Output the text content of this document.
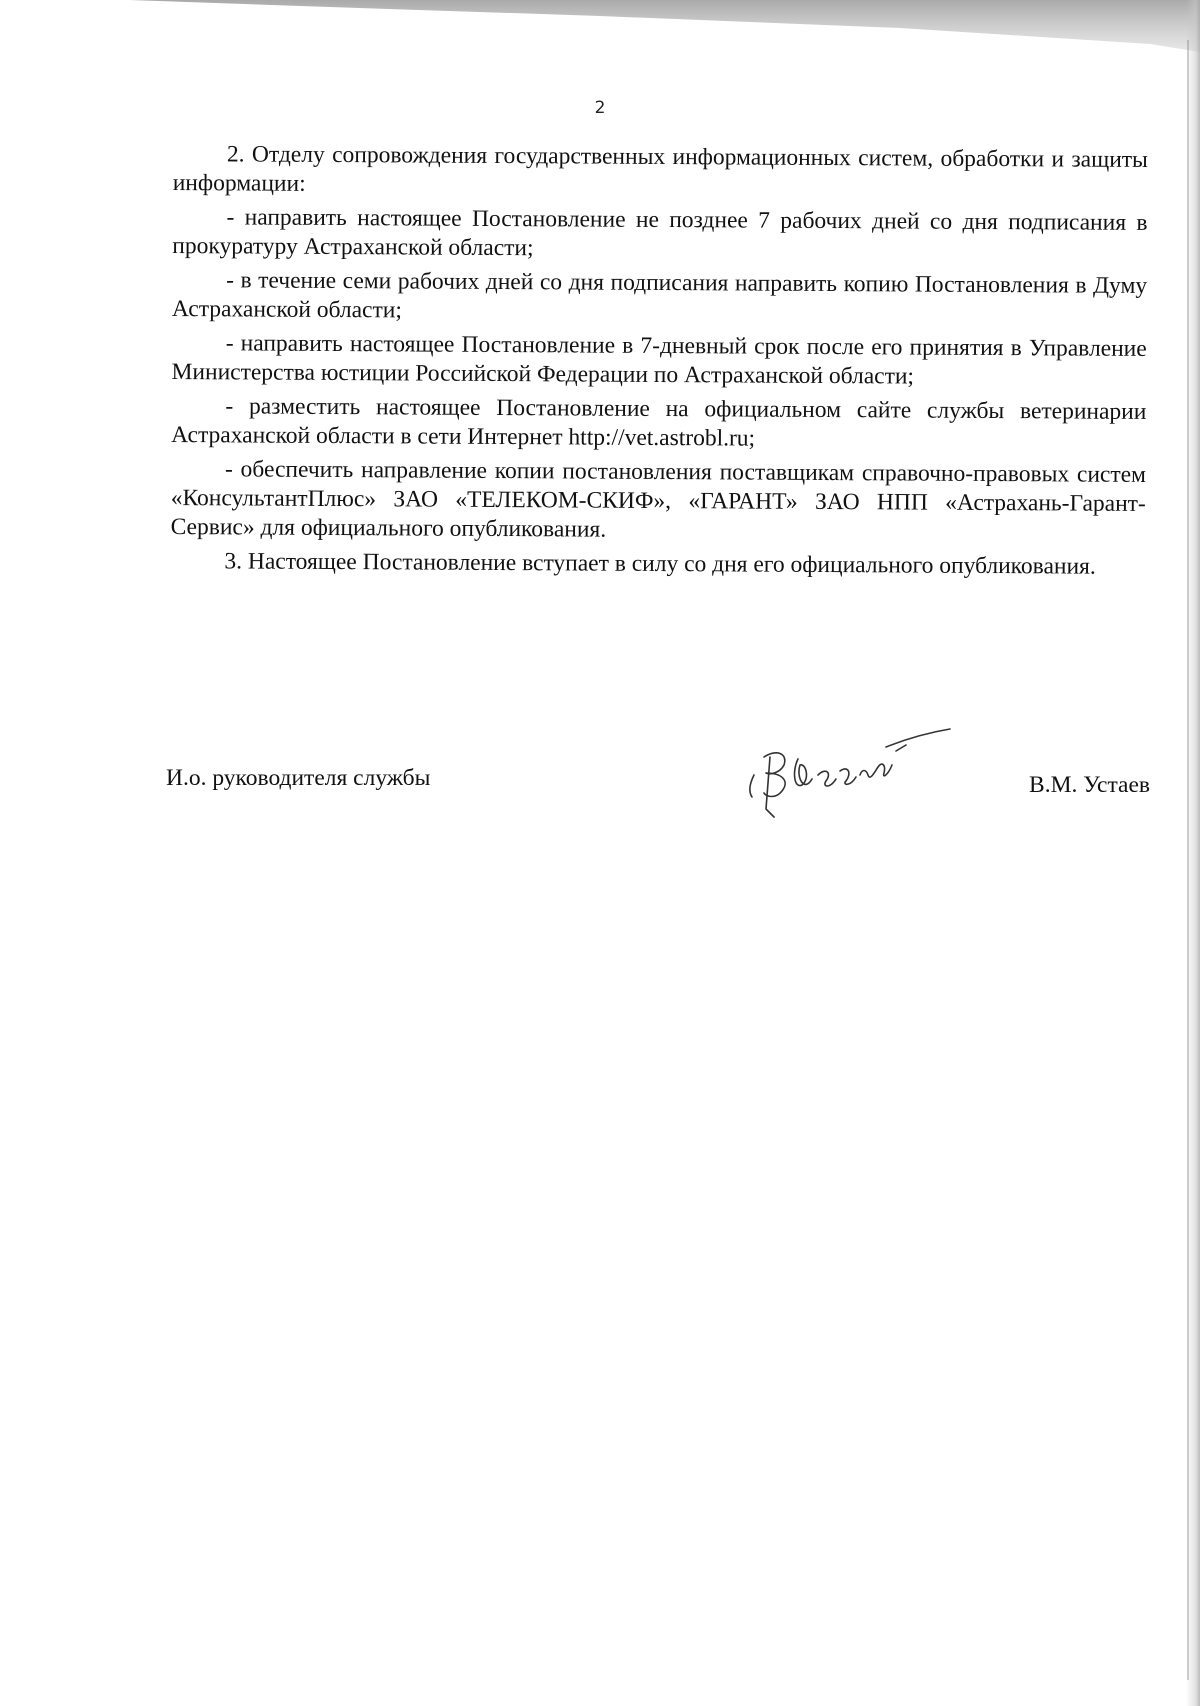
2

2. Отделу сопровождения государственных информационных систем, обработки и защиты информации:

- направить настоящее Постановление не позднее 7 рабочих дней со дня подписания в прокуратуру Астраханской области;

- в течение семи рабочих дней со дня подписания направить копию Постановления в Думу Астраханской области;

- направить настоящее Постановление в 7-дневный срок после его принятия в Управление Министерства юстиции Российской Федерации по Астраханской области;

- разместить настоящее Постановление на официальном сайте службы ветеринарии Астраханской области в сети Интернет http://vet.astrobl.ru;

- обеспечить направление копии постановления поставщикам справочно-правовых систем «КонсультантПлюс» ЗАО «ТЕЛЕКОМ-СКИФ», «ГАРАНТ» ЗАО НПП «Астрахань-Гарант-Сервис» для официального опубликования.

3. Настоящее Постановление вступает в силу со дня его официального опубликования.

И.о. руководителя службы	В.М. Устаев
